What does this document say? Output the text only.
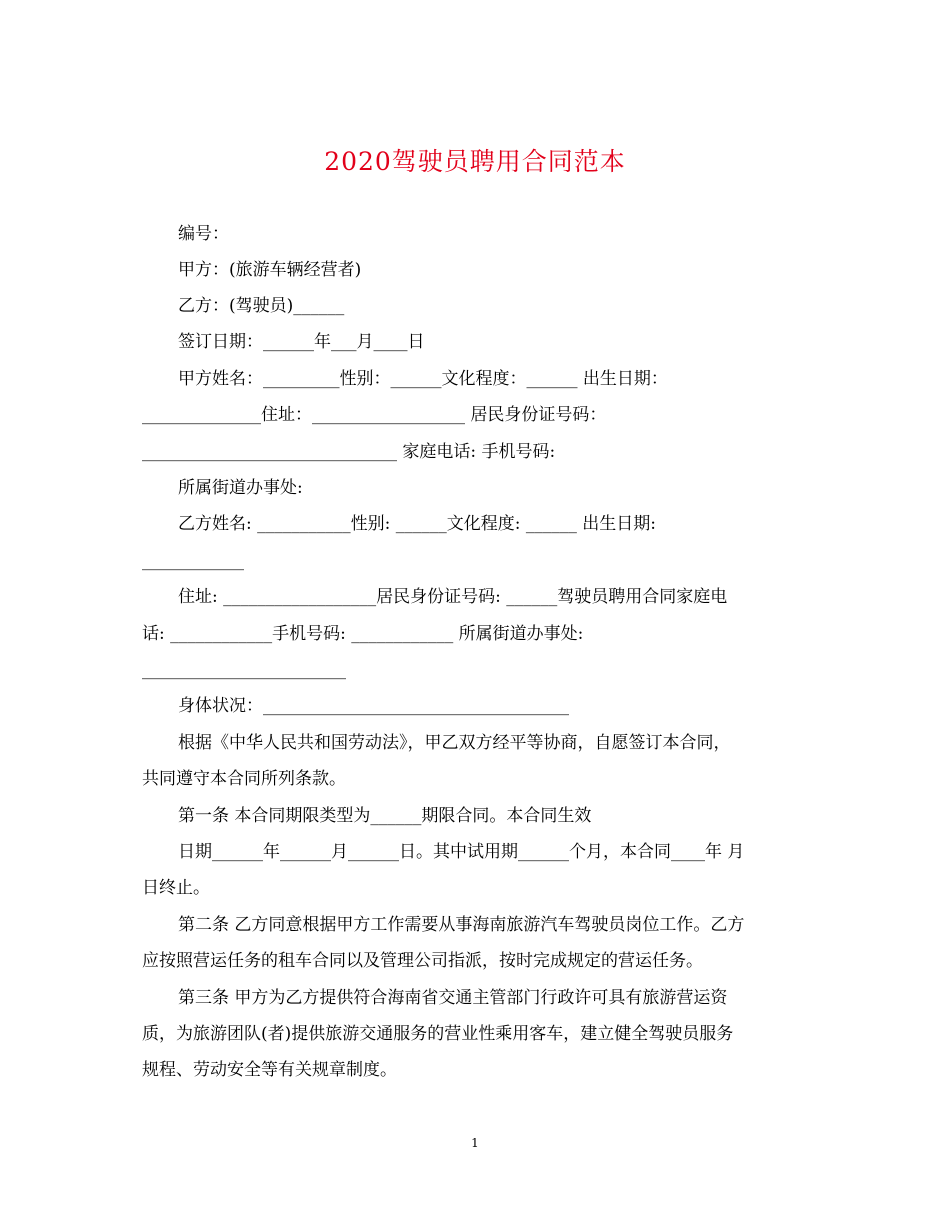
2020驾驶员聘用合同范本
编号：
甲方：(旅游车辆经营者)
乙方：(驾驶员)______
签订日期：______年___月____日
甲方姓名：_________性别：______文化程度：______ 出生日期：
______________住址：__________________ 居民身份证号码：
______________________________ 家庭电话: 手机号码:
所属街道办事处:
乙方姓名: ___________性别: ______文化程度: ______ 出生日期:
____________
住址: __________________居民身份证号码: ______驾驶员聘用合同家庭电
话: ____________手机号码: ____________ 所属街道办事处:
________________________
身体状况：____________________________________
根据《中华人民共和国劳动法》，甲乙双方经平等协商，自愿签订本合同，
共同遵守本合同所列条款。
第一条 本合同期限类型为______期限合同。本合同生效
日期______年______月______日。其中试用期______个月，本合同____年 月
日终止。
第二条 乙方同意根据甲方工作需要从事海南旅游汽车驾驶员岗位工作。乙方
应按照营运任务的租车合同以及管理公司指派，按时完成规定的营运任务。
第三条 甲方为乙方提供符合海南省交通主管部门行政许可具有旅游营运资
质，为旅游团队(者)提供旅游交通服务的营业性乘用客车，建立健全驾驶员服务
规程、劳动安全等有关规章制度。
1
